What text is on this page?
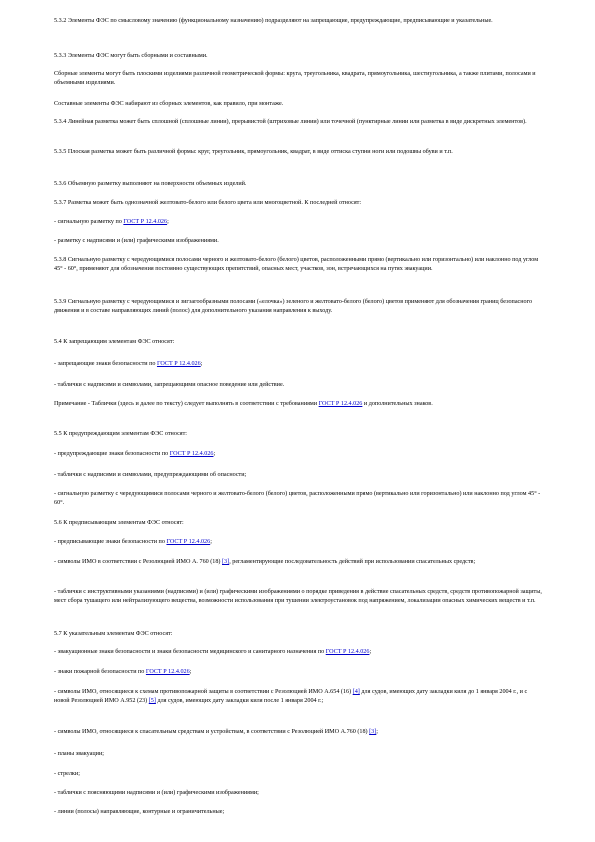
5.3.2 Элементы ФЭС по смысловому значению (функциональному назначению) подразделяют на запрещающие, предупреждающие, предписывающие и указательные.

5.3.3 Элементы ФЭС могут быть сборными и составными.

Сборные элементы могут быть плоскими изделиями различной геометрической формы: круга, треугольника, квадрата, прямоугольника, шестиугольника, а также плитами, полосами и объемными изделиями.

Составные элементы ФЭС набирают из сборных элементов, как правило, при монтаже.

5.3.4 Линейная разметка может быть сплошной (сплошные линии), прерывистой (штриховые линии) или точечной (пунктирные линии или разметка в виде дискретных элементов).

5.3.5 Плоская разметка может быть различной формы: круг, треугольник, прямоугольник, квадрат, в виде оттиска ступни ноги или подошвы обуви и т.п.

5.3.6 Объемную разметку выполняют на поверхности объемных изделий.

5.3.7 Разметка может быть однозначной желтовато-белого или белого цвета или многоцветной. К последней относят:

- сигнальную разметку по ГОСТ Р 12.4.026;

- разметку с надписями и (или) графическими изображениями.

5.3.8 Сигнальную разметку с чередующимися полосами черного и желтовато-белого (белого) цветов, расположенными прямо (вертикально или горизонтально) или наклонно под углом 45° - 60°, применяют для обозначения постоянно существующих препятствий, опасных мест, участков, зон, встречающихся на путях эвакуации.

5.3.9 Сигнальную разметку с чередующимися и зигзагообразными полосами («елочка») зеленого и желтовато-белого (белого) цветов применяют для обозначения границ безопасного движения и в составе направляющих линий (полос) для дополнительного указания направления к выходу.

5.4 К запрещающим элементам ФЭС относят:

- запрещающие знаки безопасности по ГОСТ Р 12.4.026;

- таблички с надписями и символами, запрещающими опасное поведение или действие.

Примечание - Таблички (здесь и далее по тексту) следует выполнять в соответствии с требованиями ГОСТ Р 12.4.026 и дополнительных знаков.

5.5 К предупреждающим элементам ФЭС относят:

- предупреждающие знаки безопасности по ГОСТ Р 12.4.026;

- таблички с надписями и символами, предупреждающими об опасности;

- сигнальную разметку с чередующимися полосами черного и желтовато-белого (белого) цветов, расположенными прямо (вертикально или горизонтально) или наклонно под углом 45° - 60°.

5.6 К предписывающим элементам ФЭС относят:

- предписывающие знаки безопасности по ГОСТ Р 12.4.026;

- символы ИМО в соответствии с Резолюцией ИМО А. 760 (18) [3], регламентирующие последовательность действий при использовании спасательных средств;

- таблички с инструктивными указаниями (надписями) и (или) графическими изображениями о порядке приведения в действие спасательных средств, средств противопожарной защиты, мест сбора тушащего или нейтрализующего вещества, возможности использования при тушении электроустановок под напряжением, локализации опасных химических веществ и т.п.

5.7 К указательным элементам ФЭС относят:

- эвакуационные знаки безопасности и знаки безопасности медицинского и санитарного назначения по ГОСТ Р 12.4.026;

- знаки пожарной безопасности по ГОСТ Р 12.4.026;

- символы ИМО, относящиеся к схемам противопожарной защиты в соответствии с Резолюцией ИМО А.654 (16) [4] для судов, имеющих дату закладки киля до 1 января 2004 г., и с новой Резолюцией ИМО А.952 (23) [5] для судов, имеющих дату закладки киля после 1 января 2004 г.;

- символы ИМО, относящиеся к спасательным средствам и устройствам, в соответствии с Резолюцией ИМО А.760 (18) [3];

- планы эвакуации;

- стрелки;

- таблички с поясняющими надписями и (или) графическими изображениями;

- линии (полосы) направляющие, контурные и ограничительные;
